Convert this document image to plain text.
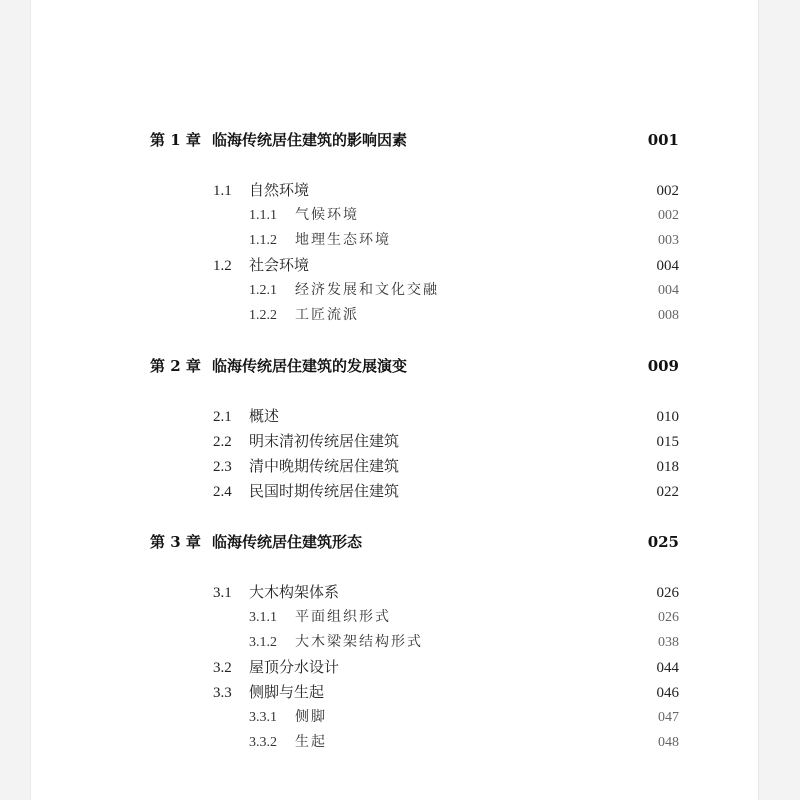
第 1 章 临海传统居住建筑的影响因素	001
1.1 自然环境	002
1.1.1 气候环境	002
1.1.2 地理生态环境	003
1.2 社会环境	004
1.2.1 经济发展和文化交融	004
1.2.2 工匠流派	008
第 2 章 临海传统居住建筑的发展演变	009
2.1 概述	010
2.2 明末清初传统居住建筑	015
2.3 清中晚期传统居住建筑	018
2.4 民国时期传统居住建筑	022
第 3 章 临海传统居住建筑形态	025
3.1 大木构架体系	026
3.1.1 平面组织形式	026
3.1.2 大木梁架结构形式	038
3.2 屋顶分水设计	044
3.3 侧脚与生起	046
3.3.1 侧脚	047
3.3.2 生起	048
